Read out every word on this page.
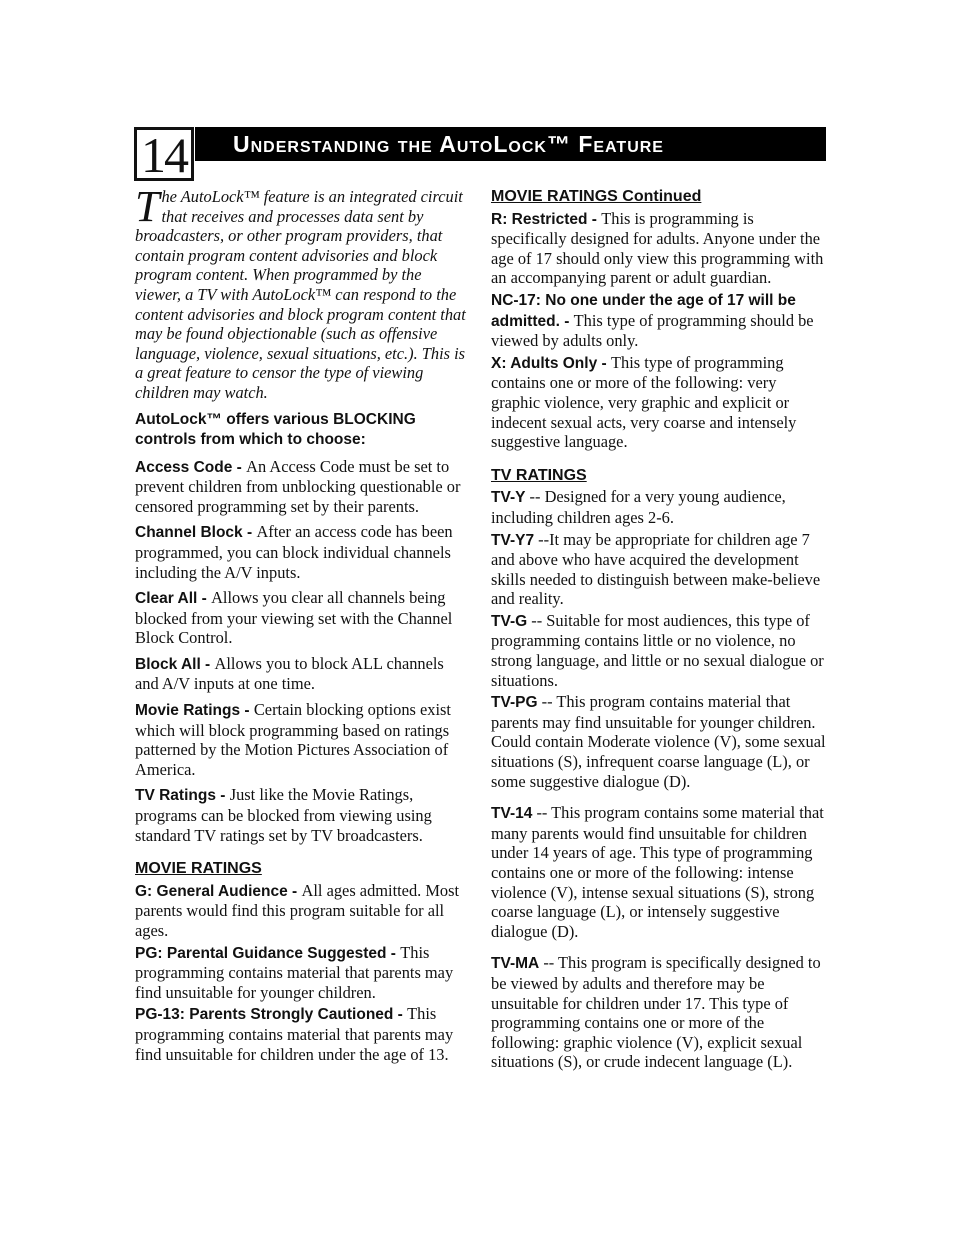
14	Understanding the AutoLock™ Feature

The AutoLock™ feature is an integrated circuit that receives and processes data sent by broadcasters, or other program providers, that contain program content advisories and block program content. When programmed by the viewer, a TV with AutoLock™ can respond to the content advisories and block program content that may be found objectionable (such as offensive language, violence, sexual situations, etc.). This is a great feature to censor the type of viewing children may watch.

AutoLock™ offers various BLOCKING controls from which to choose:

Access Code - An Access Code must be set to prevent children from unblocking questionable or censored programming set by their parents.

Channel Block - After an access code has been programmed, you can block individual channels including the A/V inputs.

Clear All - Allows you clear all channels being blocked from your viewing set with the Channel Block Control.

Block All - Allows you to block ALL channels and A/V inputs at one time.

Movie Ratings - Certain blocking options exist which will block programming based on ratings patterned by the Motion Pictures Association of America.

TV Ratings - Just like the Movie Ratings, programs can be blocked from viewing using standard TV ratings set by TV broadcasters.

MOVIE RATINGS

G: General Audience - All ages admitted. Most parents would find this program suitable for all ages.

PG: Parental Guidance Suggested - This programming contains material that parents may find unsuitable for younger children.

PG-13: Parents Strongly Cautioned - This programming contains material that parents may find unsuitable for children under the age of 13.

MOVIE RATINGS Continued

R: Restricted - This is programming is specifically designed for adults. Anyone under the age of 17 should only view this programming with an accompanying parent or adult guardian.

NC-17: No one under the age of 17 will be admitted. - This type of programming should be viewed by adults only.

X: Adults Only - This type of programming contains one or more of the following: very graphic violence, very graphic and explicit or indecent sexual acts, very coarse and intensely suggestive language.

TV RATINGS

TV-Y -- Designed for a very young audience, including children ages 2-6.

TV-Y7 --It may be appropriate for children age 7 and above who have acquired the development skills needed to distinguish between make-believe and reality.

TV-G -- Suitable for most audiences, this type of programming contains little or no violence, no strong language, and little or no sexual dialogue or situations.

TV-PG -- This program contains material that parents may find unsuitable for younger children. Could contain Moderate violence (V), some sexual situations (S), infrequent coarse language (L), or some suggestive dialogue (D).

TV-14 -- This program contains some material that many parents would find unsuitable for children under 14 years of age. This type of programming contains one or more of the following: intense violence (V), intense sexual situations (S), strong coarse language (L), or intensely suggestive dialogue (D).

TV-MA -- This program is specifically designed to be viewed by adults and therefore may be unsuitable for children under 17. This type of programming contains one or more of the following: graphic violence (V), explicit sexual situations (S), or crude indecent language (L).
